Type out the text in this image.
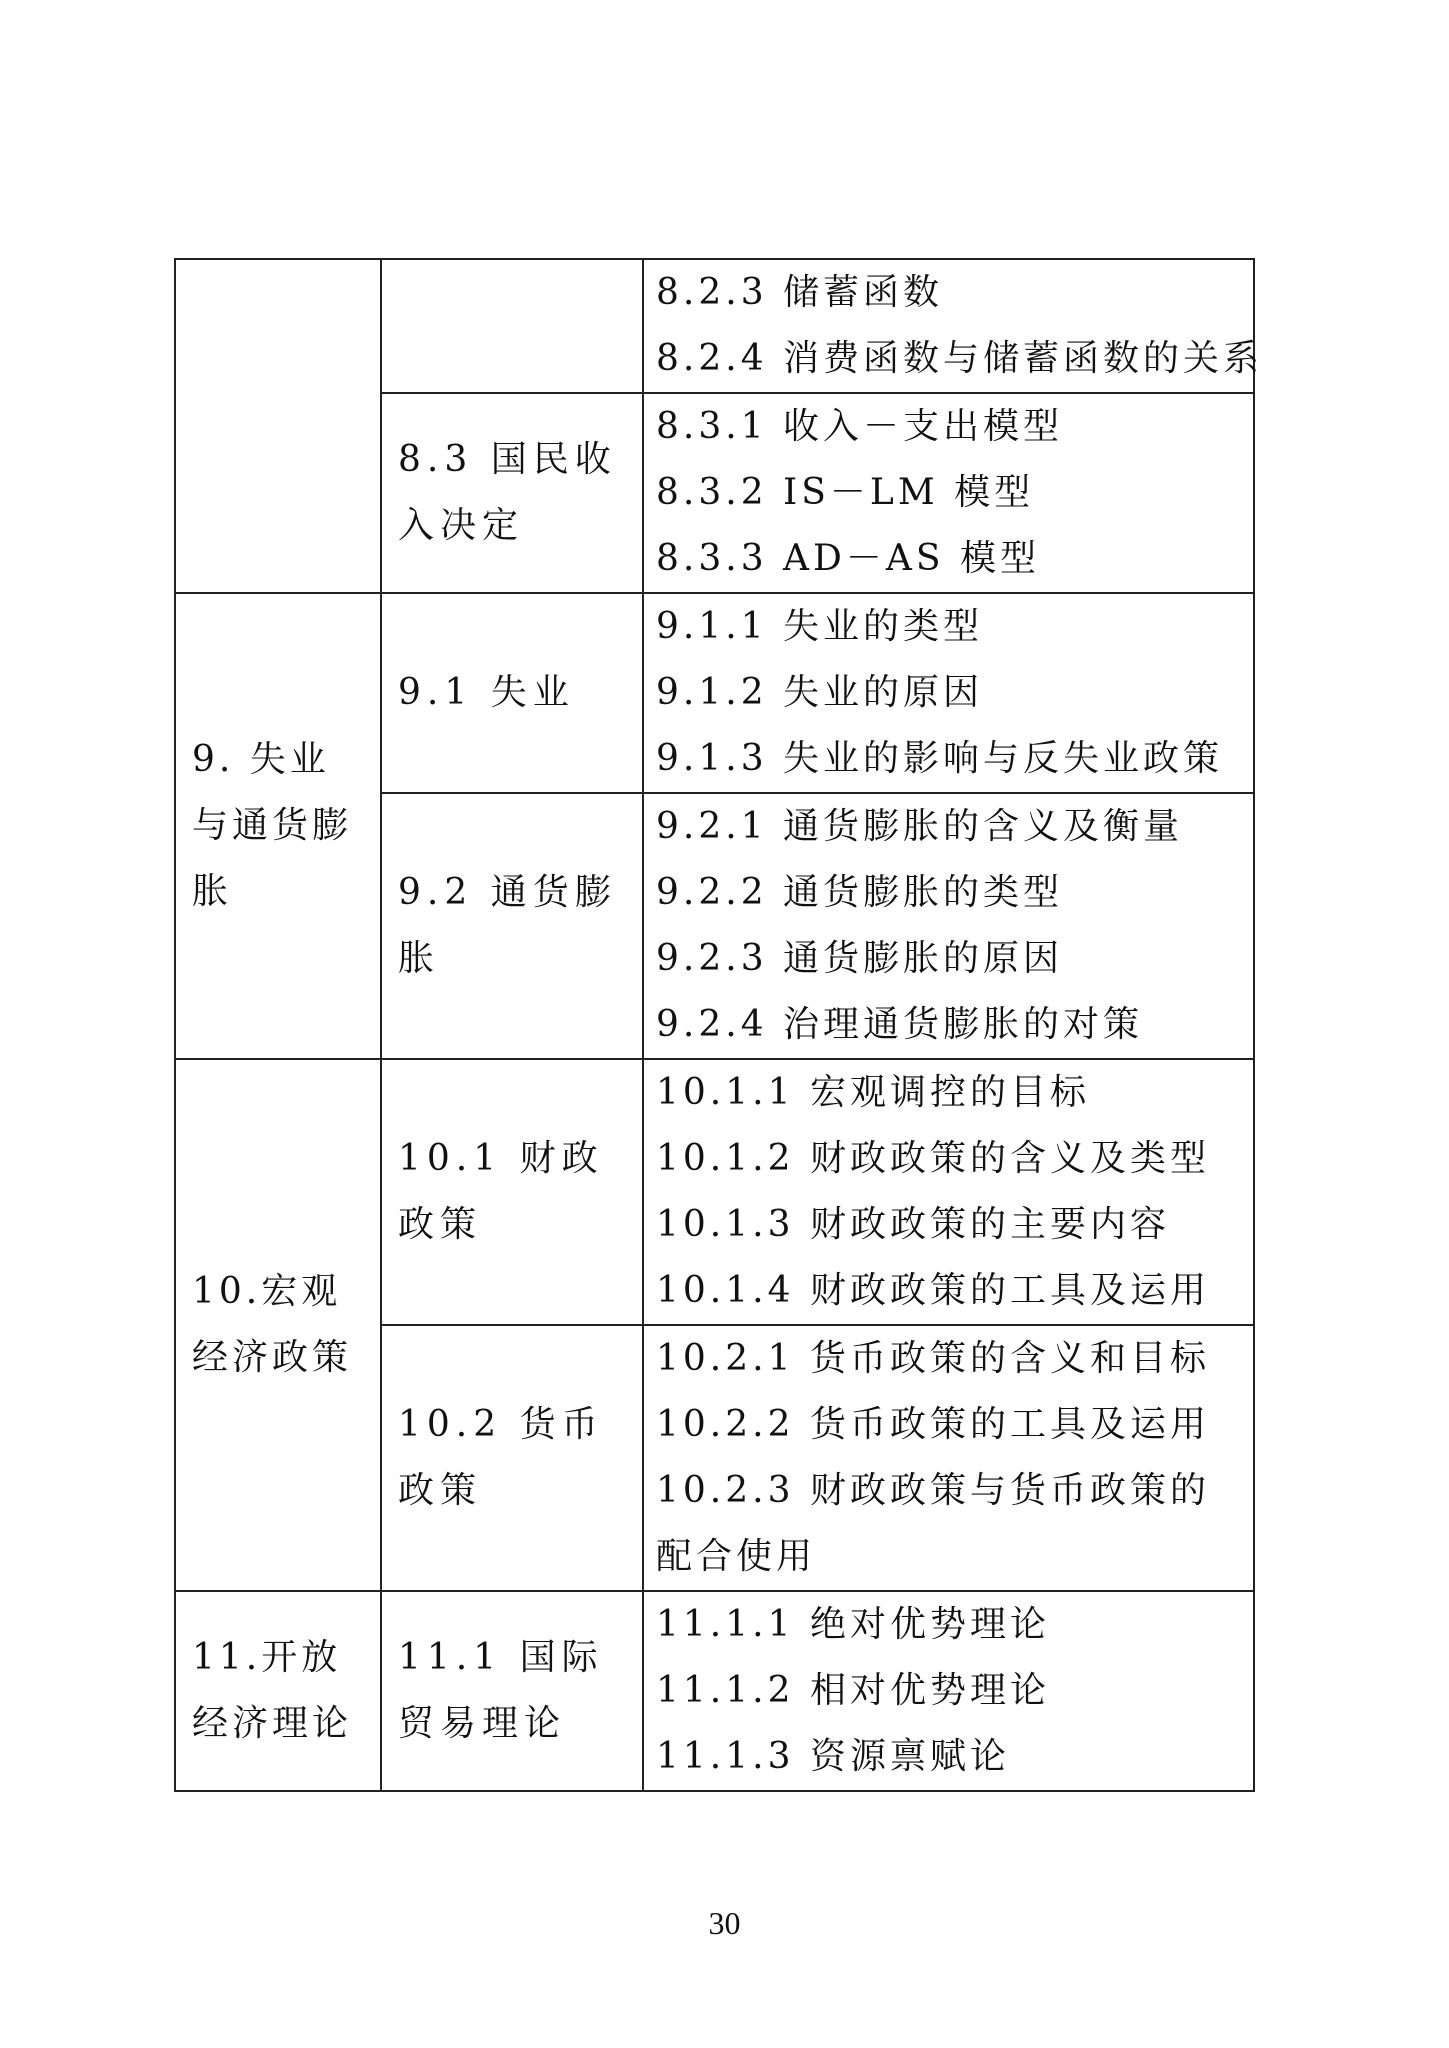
		8.2.3 储蓄函数
8.2.4 消费函数与储蓄函数的关系

	8.3 国民收入决定	8.3.1 收入－支出模型
8.3.2 IS－LM 模型
8.3.3 AD－AS 模型

9. 失业与通货膨胀	9.1 失业	9.1.1 失业的类型
9.1.2 失业的原因
9.1.3 失业的影响与反失业政策

	9.2 通货膨胀	9.2.1 通货膨胀的含义及衡量
9.2.2 通货膨胀的类型
9.2.3 通货膨胀的原因
9.2.4 治理通货膨胀的对策

10.宏观经济政策	10.1 财政政策	10.1.1 宏观调控的目标
10.1.2 财政政策的含义及类型
10.1.3 财政政策的主要内容
10.1.4 财政政策的工具及运用

	10.2 货币政策	10.2.1 货币政策的含义和目标
10.2.2 货币政策的工具及运用
10.2.3 财政政策与货币政策的配合使用

11.开放经济理论	11.1 国际贸易理论	11.1.1 绝对优势理论
11.1.2 相对优势理论
11.1.3 资源禀赋论
30
